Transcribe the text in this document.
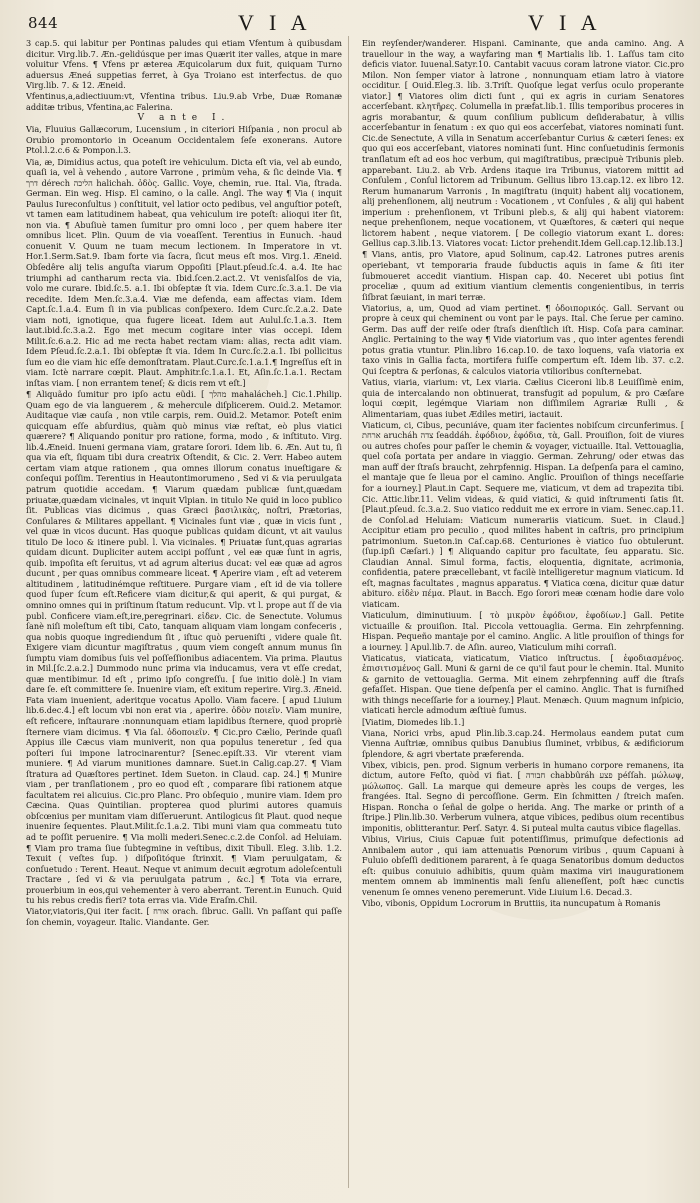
844	V I A	V I A

3 cap.5. qui labitur per Pontinas paludes qui etiam Vfentum à quibusdam dicitur. Virg.lib.7. Æn.-gelidúsque per imas Quærit iter valles, atque in mare voluitur Vfens. ¶ Vfens pr æterea Æquicolarum dux fuit, quiquam Turno aduersus Æneá suppetias ferret, à Gya Troiano est interfectus. de quo Virg.lib. 7. & 12. Æneid.

Vfentinus,a,adiectiuum:vt, Vfentina tribus. Liu.9.ab Vrbe, Duæ Romanæ additæ tribus, Vfentina,ac Falerina.

V ante I.

Via, Fluuius Gallæcorum, Lucensium , in citeriori Hiſpania , non procul ab Orubio promontorio in Oceanum Occidentalem ſeſe exonerans. Autore Ptol.l.2.c.6 & Pompon.l.3.

Via, æ, Dimidius actus, qua poteſt ire vehiculum. Dicta eſt via, vel ab eundo, quaſi ia, vel à vehendo , autore Varrone , primùm veha, & ſic deinde Via. ¶ דרך dérech הליכה halichah. ὁδὸς. Gallic. Voye, chemin, rue. Ital. Via, ſtrada. German. Ein weg. Hisp. El camino, o la calle. Angl. The way ¶ Via ( inquit Paulus Iureconſultus ) conſtituit, vel latior octo pedibus, vel anguſtior poteſt, vt tamen eam latitudinem habeat, qua vehiculum ire poteſt: alioqui iter ſit, non via. ¶ Abuſiuè tamen ſumitur pro omni loco , per quem habere iter omnibus licet. Plin. Quum de via voeaſſent. Terentius in Eunuch. -haud conuenit V. Quum ne tuam mecum lectionem. In Imperatore in vt. Hor.1.Serm.Sat.9. Ibam forte via ſacra, ſicut meus eſt mos. Virg.1. Æneid. Obſedêre alij telis anguſta viarum Oppoſiti [Plaut.pſeud.ſc.4. a.4. Ite hac triumphi ad cantharum recta via. Ibid.ſcen.2.act.2. Vt venisſalſos de via, volo me curare. Ibid.ſc.5. a.1. Ibi obſeptæ ſt via. Idem Curc.ſc.3.a.1. De via recedite. Idem Men.ſc.3.a.4. Viæ me defenda, eam affectas viam. Idem Capt.ſc.1.a.4. Eum ſi in via publicas conſpexero. Idem Curc.ſc.2.a.2. Date viam noti, ignotique, qua fugere liceat. Idem aut Aulul.ſc.1.a.3. Item laut.ibid.ſc.3.a.2. Ego met mecum cogitare inter vias occepi. Idem Milit.ſc.6.a.2. Hic ad me recta habet rectam viam: alias, recta adit viam. Idem Pſeud.ſc.2.a.1. Ibi obſeptæ ſt via. Idem In Curc.ſc.2.a.1. Ibi pollicitus ſum eo die viam hic eſſe demonſtratam. Plaut.Curc.ſc.1.a.1.¶ Ingreſſus eſt in viam. Ictè narrare cœpit. Plaut. Amphitr.ſc.1.a.1. Et, Aſin.ſc.1.a.1. Rectam inſtas viam. [ non errantem teneſ; & dicis rem vt eſt.]

¶ Aliquãdo ſumitur pro ipſo actu eũdi. [ מהלך mahalácheh.] Cic.1.Philip. Quam ego de via languerem , & mehercule diſplicerem. Ouid.2. Metamor. Auditaque viæ cauſa , non vtile carpis, rem. Ouid.2. Metamor. Poteſt enim quicquam eſſe abſurdius, quàm quò minus viæ reſtat, eò plus viatici quærere? ¶ Aliquando ponitur pro ratione, forma, modo , & inſtituto. Virg. lib.4.Æneid. Inueni germana viam, gratare ſorori. Idem lib. 6. Æn. Aut tu, ſi qua via eſt, ſiquam tibi dura creatrix Oſtendit, & Cic. 2. Verr. Habeo autem certam viam atque rationem , qua omnes illorum conatus inueſtigare & conſequi poſſim. Terentius in Heautontimorumeno , Sed vi & via peruulgata patrum quotidie accedam. ¶ Viarum quædam publicæ ſunt,quædam priuatæ,quædam vicinales, vt inquit Vlpian. in titulo Ne quid in loco publico ſit. Publicas vias dicimus , quas Græci βασιλικὰς, noſtri, Prætorias, Conſulares & Militares appellant. ¶ Vicinales ſunt viæ , quæ in vicis ſunt , vel quæ in vicos ducunt. Has quoque publicas quidam dicunt, vt ait vaulus titulo De loco & itinere publ. l. Via vicinales. ¶ Priuatæ ſunt,quas agrarias quidam dicunt. Dupliciter autem accipi poſſunt , vel eæ quæ ſunt in agris, quib. impoſita eſt ſeruitus, vt ad agrum alterius ducat: vel eæ quæ ad agros ducunt , per quas omnibus commeare liceat. ¶ Aperire viam , eſt ad veterem altitudinem , latitudinémque reſtituere. Purgare viam , eſt id de via tollere quod ſuper ſcum eſt.Reficere viam dicitur,& qui aperit, & qui purgat, & omnino omnes qui in priſtinum ſtatum reducunt. Vlp. vt l. prope aut ſſ de via publ. Conficere viam.eſt,ire,peregrinari. εἰδεν. Cic. de Senectute. Volumus ſanè niſi moleſtum eſt tibi, Cato, tanquam aliquam viam longam confeceris , qua nobis quoque ingrediendum ſit , iſtuc quò perueniſti , videre quale ſit. Exigere viam dicuntur magiſtratus , quum viem congeſt annum munus ſin ſumptu viam domibus ſuis vel poſſeſſionibus adiacentem. Via prima. Plautus in Mil.[ſc.2.a.2.] Dummodo nunc prima via inducamus, vera vt eſſe credat, quæ mentibimur. Id eſt , primo ipſo congreſſu. [ ſue initio dolè.] In viam dare ſe. eſt committere ſe. Inuenire viam, eſt exitum reperire. Virg.3. Æneid. Fata viam inuenient, aderitque vocatus Apollo. Viam facere. [ apud Liuium lib.6.dec.4.] eſt locum vbi non erat via , aperire. ὁδὸν ποιεῖν. Viam munire, eſt reficere, inſtaurare :nonnunquam etiam lapidibus ſternere, quod propriè ſternere viam dicimus. ¶ Via ſal. ὁδοποιεῖν. ¶ Cic.pro Cælio, Perinde quaſi Appius ille Cæcus viam muniverit, non qua populus teneretur , ſed qua poſteri ſui impone latrocinarentur? [Senec.epiſt.33. Vir vterent viam muniere. ¶ Ad viarum munitiones damnare. Suet.in Calig.cap.27. ¶ Viam ſtratura ad Quæſtores pertinet. Idem Sueton. in Claud. cap. 24.] ¶ Munire viam , per tranſlationem , pro eo quod eſt , comparare ſibi rationem atque facultatem rei alicuius. Cic.pro Planc. Pro obſequio , munire viam. Idem pro Cæcina. Quas Quintilian. propterea quod plurimi autores quamuis obſcœnius per munitam viam diſſeruerunt. Antilogicus ſit Plaut. quod neque inuenire ſequentes. Plaut.Milit.ſc.1.a.2. Tibi muni viam qua commeatu tuto ad te poſſit peruenire. ¶ Via molli mederi.Senec.c.2.de Conſol. ad Heluiam. ¶ Viam pro trama ſiue ſubtegmine in veſtibus, dixit Tibull. Eleg. 3.lib. 1.2. Texuit ( veſtes ſup. ) diſpoſitóque ſtrinxit. ¶ Viam peruulgatam, & conſuetudo : Terent. Heaut. Neque vt animum decuit ægrotum adoleſcentuli Tractare , ſed vi & via peruulgata patrum , &c.] ¶ Tota via errare, prouerbium in eos,qui vehementer à vero aberrant. Terent.in Eunuch. Quid tu his rebus credis fieri? tota erras via. Vide Eraſm.Chil.

Viator,viatoris,Qui iter facit. [ אורח orach. ſibruc. Galli. Vn paſſant qui paſſe ſon chemin, voyageur. Italic. Viandante. Ger.

Ein reyſender/wanderer. Hispani. Caminante, que anda camino. Ang. A trauellour in the way, a wayfaring man ¶ Martialis lib. 1. Laſſus tam cito deficis viator. Iuuenal.Satyr.10. Cantabit vacuus coram latrone viator. Cic.pro Milon. Non ſemper viator à latrone , nonnunquam etiam latro à viatore occiditur. [ Ouid.Eleg.3. lib. 3.Triſt. Quoſque legat verſus oculo properante viator.] ¶ Viatores olim dicti ſunt , qui ex agris in curiam Senatores accerſebant. κλητῆρες. Columella in præfat.lib.1. Illis temporibus proceres in agris morabantur, & quum conſilium publicum deſiderabatur, à villis accerſebantur in ſenatum : ex quo qui eos accerſebat, viatores nominati ſunt. Cic.de Senectute, A villa in Senatum accerſebantur Curius & cæteri ſenes: ex quo qui eos accerſebant, viatores nominati ſunt. Hinc conſuetudinis ſermonis tranſlatum eſt ad eos hoc verbum, qui magiſtratibus, præcipuè Tribunis pleb. apparebant. Liu.2. ab Vrb. Ardens itaque ira Tribunus, viatorem mittit ad Conſulem , Conſul lictorem ad Tribunum. Gellius libro 13.cap.12. ex libro 12. Rerum humanarum Varronis , In magiſtratu (inquit) habent alij vocationem, alij prehenſionem, alij neutrum : Vocationem , vt Conſules , & alij qui habent imperium : prehenſionem, vt Tribuni pleb.s, & alij qui habent viatorem: neque prehenſionem, neque vocationem, vt Quæſtores, & cæteri qui neque lictorem habent , neque viatorem. [ De collegio viatorum exant L. dores: Gellius cap.3.lib.13. Viatores vocat: Lictor prehendit.Idem Gell.cap.12.lib.13.]

¶ Vians, antis, pro Viatore, apud Solinum, cap.42. Latrones putres arenis operiebant, vt temporaria fraude ſubductis aquis in ſame & ſiti iter ſubmoueret accedit viantium. Hispan cap. 40. Neceret ubi potius ſint proceliæ , quum ad exitium viantium clementis congenientibus, in terris ſiſbrat ſæuiant, in mari terræ.

Viatorius, a, um, Quod ad viam pertinet. ¶ ὁδοιπορικός. Gall. Servant ou propre à ceux qui cheminent ou vont par le pays. Ital. Che ſerue per camino. Germ. Das auff der reiſe oder ſtraſs dienſtlich iſt. Hisp. Coſa para caminar. Anglic. Pertaining to the way ¶ Vide viatorium vas , quo inter agentes ferendi potus gratia vtuntur. Plin.libro 16.cap.10. de taxo loquens, vaſa viatoria ex taxo vinis in Gallia facta, mortifera fuiſſe compertum eſt. Idem lib. 37. c.2. Qui ſceptra & perſonas, & calculos viatoria vtilioribus conſternebat.

Vatius, viaria, viarium: vt, Lex viaria. Cælius Ciceroni lib.8 Leuiſſimè enim, quia de intercalando non obtinuerat, transfugit ad populum, & pro Cæſare loqui cœpit, legémque Viariam non diſſimilem Agrariæ Rulli , & Alimentariam, quas iubet Ædiles metiri, iactauit.

Viaticum, ci, Cibus, pecuniáve, quam iter facientes nobiſcum circunferimus. [ ארחת arucháh צדה ſeaddáh. ἐφόδιον, ἐφόδια, τὰ, Gall. Prouiſion, ſoit de viures ou autres choſes pour paſſer le chemin & voyager, victuaille. Ital. Vettouaglia, quel coſa portata per andare in viaggio. German. Zehrung/ oder etwas das man auff der ſtraſs braucht, zehrpfennig. Hispan. La deſpenſa para el camino, el mantaje que ſe lleua por el camino. Anglic. Prouiſion of things neceſſarie for a iourney.] Plaut.in Capt. Sequere me, viaticum, vt dem ad trapezita tibi. Cic. Attic.libr.11. Velim videas, & quid viatici, & quid inſtrumenti ſatis ſit. [Plaut.pſeud. ſc.3.a.2. Suo viatico redduit me ex errore in viam. Senec.cap.11. de Conſol.ad Heluiam: Viaticum numerariis viaticum. Suet. in Claud.] Accipitur etiam pro peculio , quod milites habent in caſtris, pro principium patrimonium. Sueton.in Caſ.cap.68. Centuriones è viatico ſuo obtulerunt. (ſup.ipſi Cæſari.) ] ¶ Aliquando capitur pro facultate, ſeu apparatu. Sic. Claudian Annal. Simul forma, factis, eloquentia, dignitate, acrimonia, confidentia, patere præcellebant, vt facilè intelligeretur magnum viaticum. Id eſt, magnas facultates , magnus apparatus. ¶ Viatica cœna, dicitur quæ datur abituro. εἰδὲν πέμα. Plaut. in Bacch. Ego ſorori meæ cœnam hodie dare volo viaticam.

Viaticulum, diminutiuum. [ τὸ μικρὸν ἐφόδιον, ἐφοδίων.] Gall. Petite victuaille & prouiſion. Ital. Piccola vettouaglia. Germa. Ein zehrpfenning. Hispan. Pequeño mantaje por el camino. Anglic. A litle prouiſion of things for a iourney. ] Apul.lib.7. de Aſin. aureo, Viaticulum mihi corraſi.

Viaticatus, viaticata, viaticatum, Viatico inſtructus. [ ἐφοδιασμένος. ἐπισιτισμένος Gall. Muni & garni de ce qu'il faut pour le chemin. Ital. Munito & garnito de vettouaglia. Germa. Mit einem zehrpfenning auff die ſtraſs gefaſſet. Hispan. Que tiene deſpenſa per el camino. Anglic. That is furniſhed with things neceſſarie for a iourney.] Plaut. Menæch. Quum magnum inſpicio, viaticati hercle admodum æſtiuè ſumus.

[Viatim, Diomedes lib.1.]

Viana, Norici vrbs, apud Plin.lib.3.cap.24. Hermolaus eandem putat cum Vienna Auſtriæ, omnibus quibus Danubius ſluminet, vrbibus, & ædificiorum ſplendore, & agri vbertate præferenda.

Vibex, vibicis, pen. prod. Signum verberis in humano corpore remanens, ita dictum, autore Feſto, quòd vi fiat. [ חבורה chabbûráh פצע péſſah. μώλωψ, μώλωπος. Gall. La marque qui demeure après les coups de verges, les frangées. Ital. Segno di percoſſione. Germ. Ein ſchmitten / ſtreich maſen. Hispan. Roncha o ſeñal de golpe o herida. Ang. The marke or printh of a ſtripe.] Plin.lib.30. Verberum vulnera, atque vibices, pedibus oium recentibus imponitis, oblitterantur. Perſ. Satyr. 4. Si puteal multa cautus vibice flagellas.

Vibius, Virius, Ciuis Capuæ ſuit potentiſſimus, primuſque defectionis ad Annibalem autor , qui iam attenuatis Pœnorum viribus , quum Capuani à Fuluio obſeſſi deditionem pararent, à ſe quaga Senatoribus domum deductos eſt: quibus conuiuio adhibitis, quum quàm maxima viri inaugurationem mentem omnem ab imminentis mali ſenſu alieneſſent, poſt hæc cunctis venenum ſe omnes veneno peremerunt. Vide Liuium l.6. Decad.3.

Vibo, vibonis, Oppidum Locrorum in Bruttiis, ita nuncupatum à Romanis
